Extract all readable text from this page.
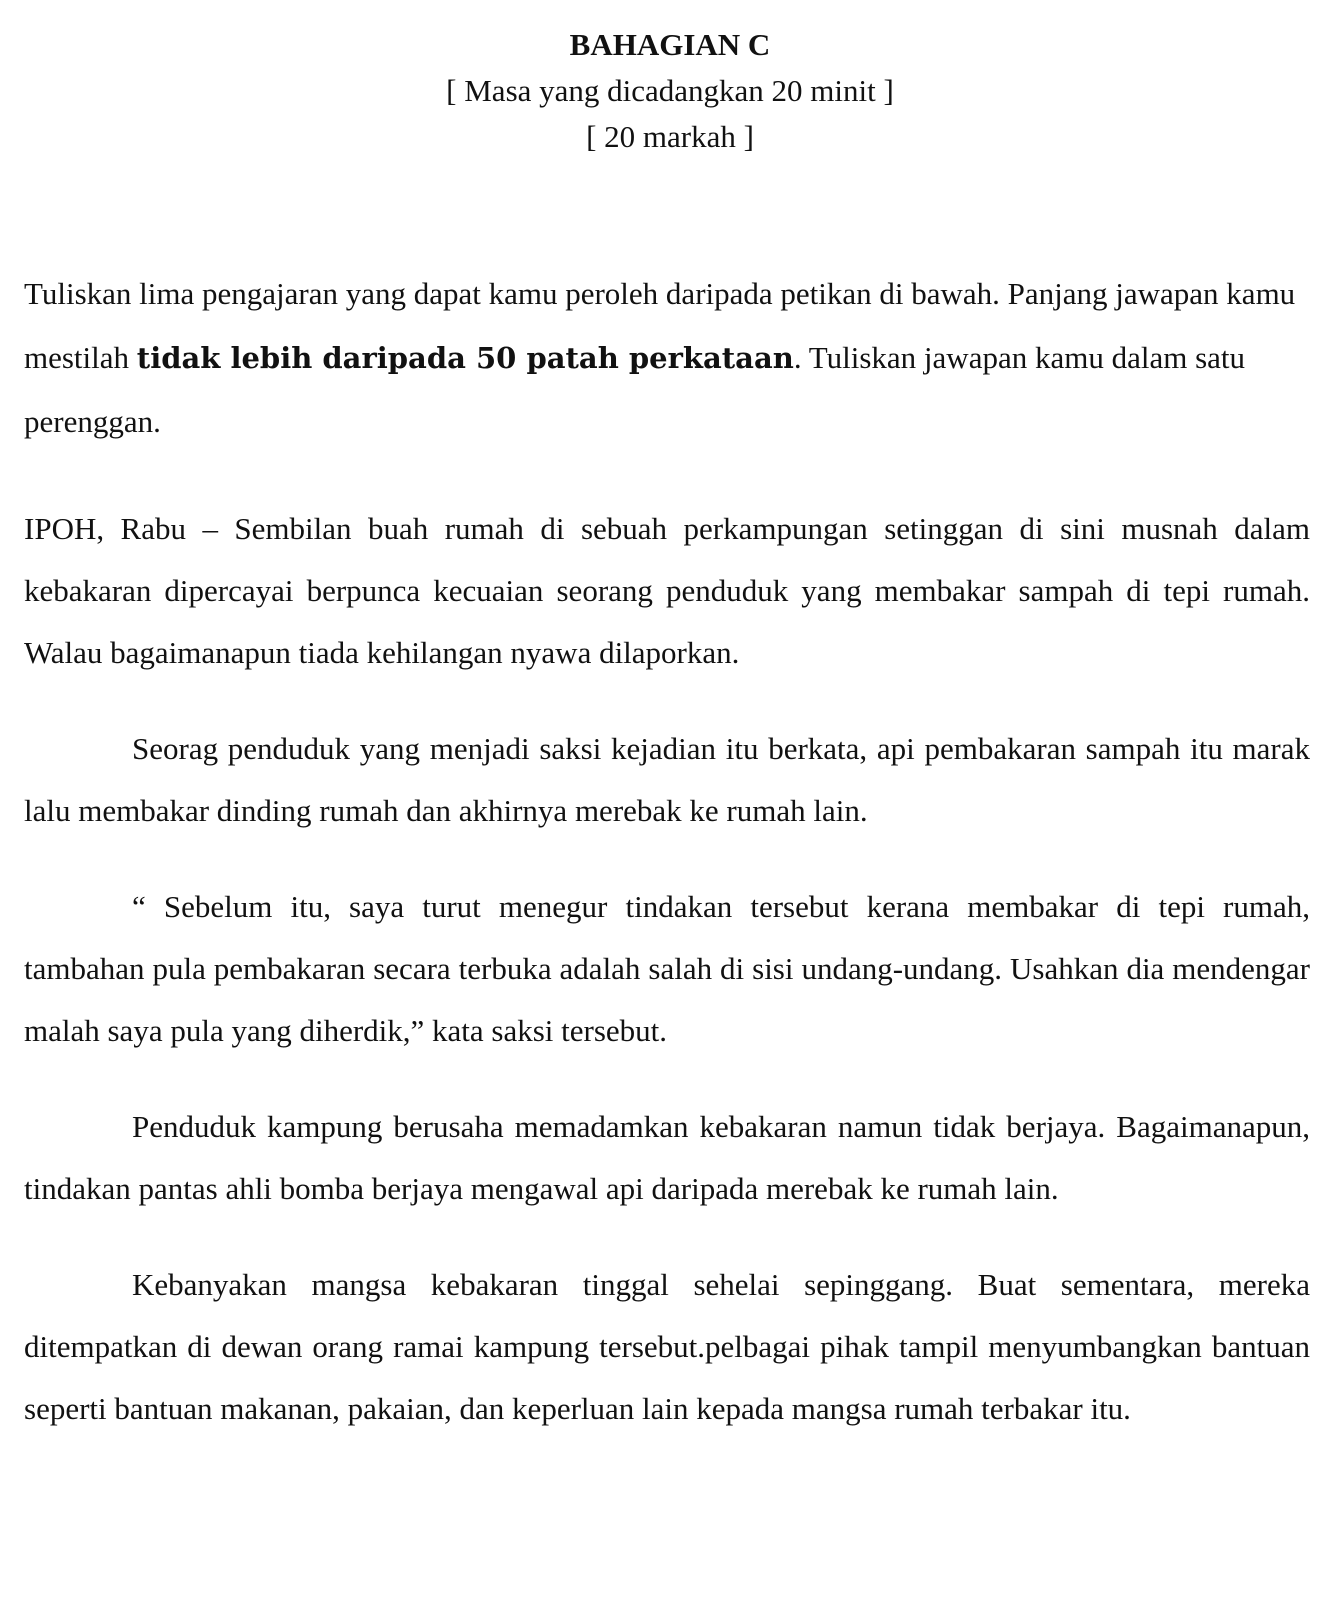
BAHAGIAN C
[ Masa yang dicadangkan 20 minit ]
[ 20 markah ]

Tuliskan lima pengajaran yang dapat kamu peroleh daripada petikan di bawah. Panjang jawapan kamu mestilah tidak lebih daripada 50 patah perkataan. Tuliskan jawapan kamu dalam satu perenggan.

IPOH, Rabu – Sembilan buah rumah di sebuah perkampungan setinggan di sini musnah dalam kebakaran dipercayai berpunca kecuaian seorang penduduk yang membakar sampah di tepi rumah. Walau bagaimanapun tiada kehilangan nyawa dilaporkan.

Seorag penduduk yang menjadi saksi kejadian itu berkata, api pembakaran sampah itu marak lalu membakar dinding rumah dan akhirnya merebak ke rumah lain.

“ Sebelum itu, saya turut menegur tindakan tersebut kerana membakar di tepi rumah, tambahan pula pembakaran secara terbuka adalah salah di sisi undang-undang. Usahkan dia mendengar malah saya pula yang diherdik,” kata saksi tersebut.

Penduduk kampung berusaha memadamkan kebakaran namun tidak berjaya. Bagaimanapun, tindakan pantas ahli bomba berjaya mengawal api daripada merebak ke rumah lain.

Kebanyakan mangsa kebakaran tinggal sehelai sepinggang. Buat sementara, mereka ditempatkan di dewan orang ramai kampung tersebut.pelbagai pihak tampil menyumbangkan bantuan seperti bantuan makanan, pakaian, dan keperluan lain kepada mangsa rumah terbakar itu.
